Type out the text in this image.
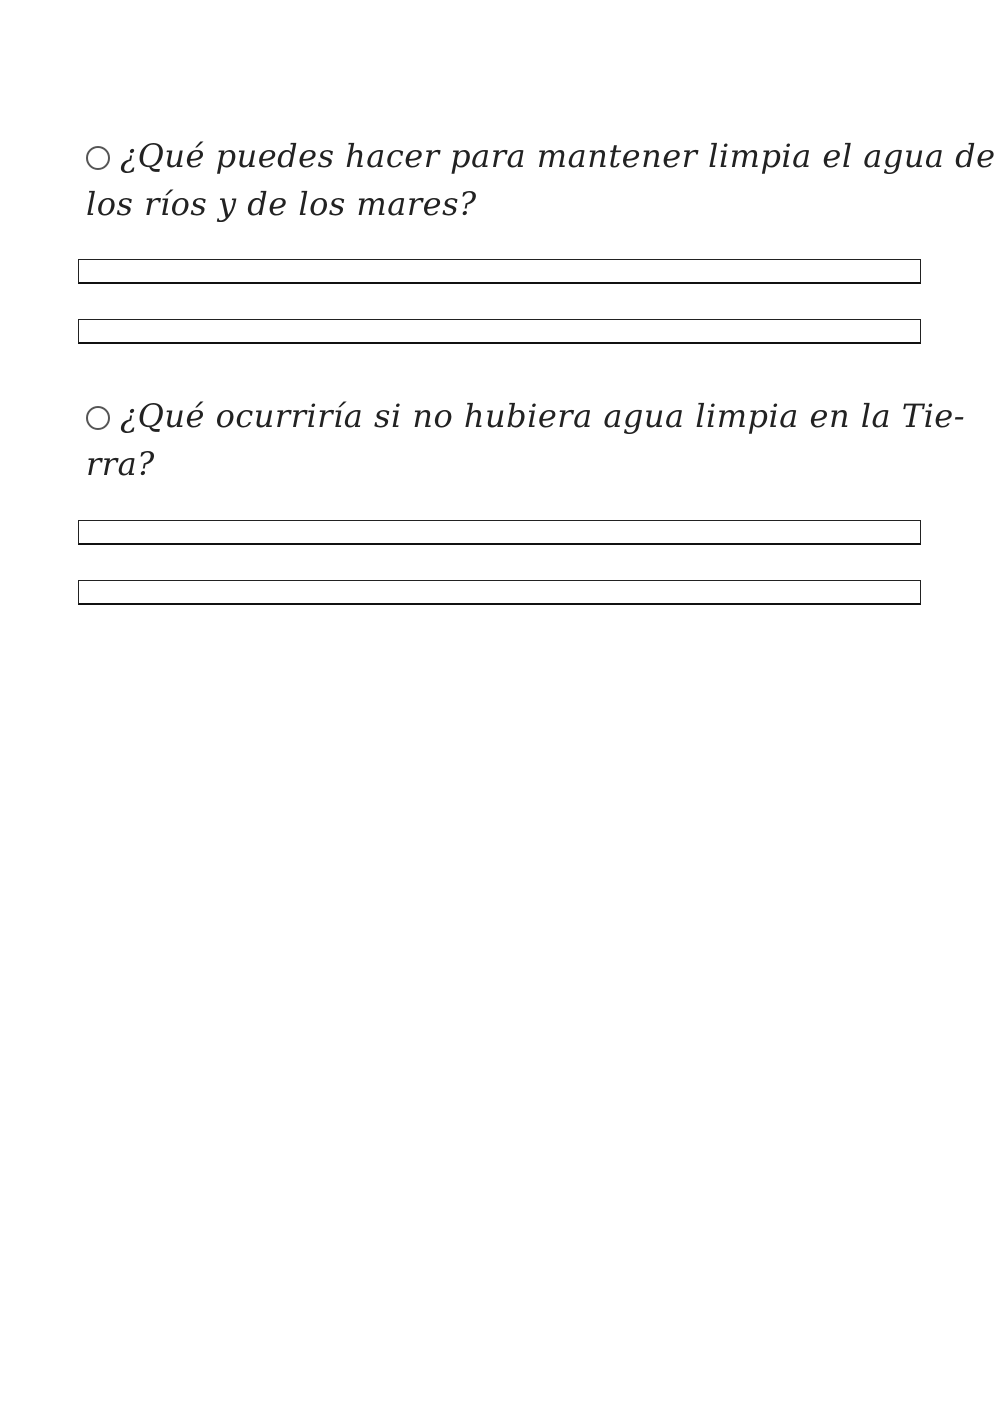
¿Qué puedes hacer para mantener limpia el agua de
los ríos y de los mares?
¿Qué ocurriría si no hubiera agua limpia en la Tie-
rra?
